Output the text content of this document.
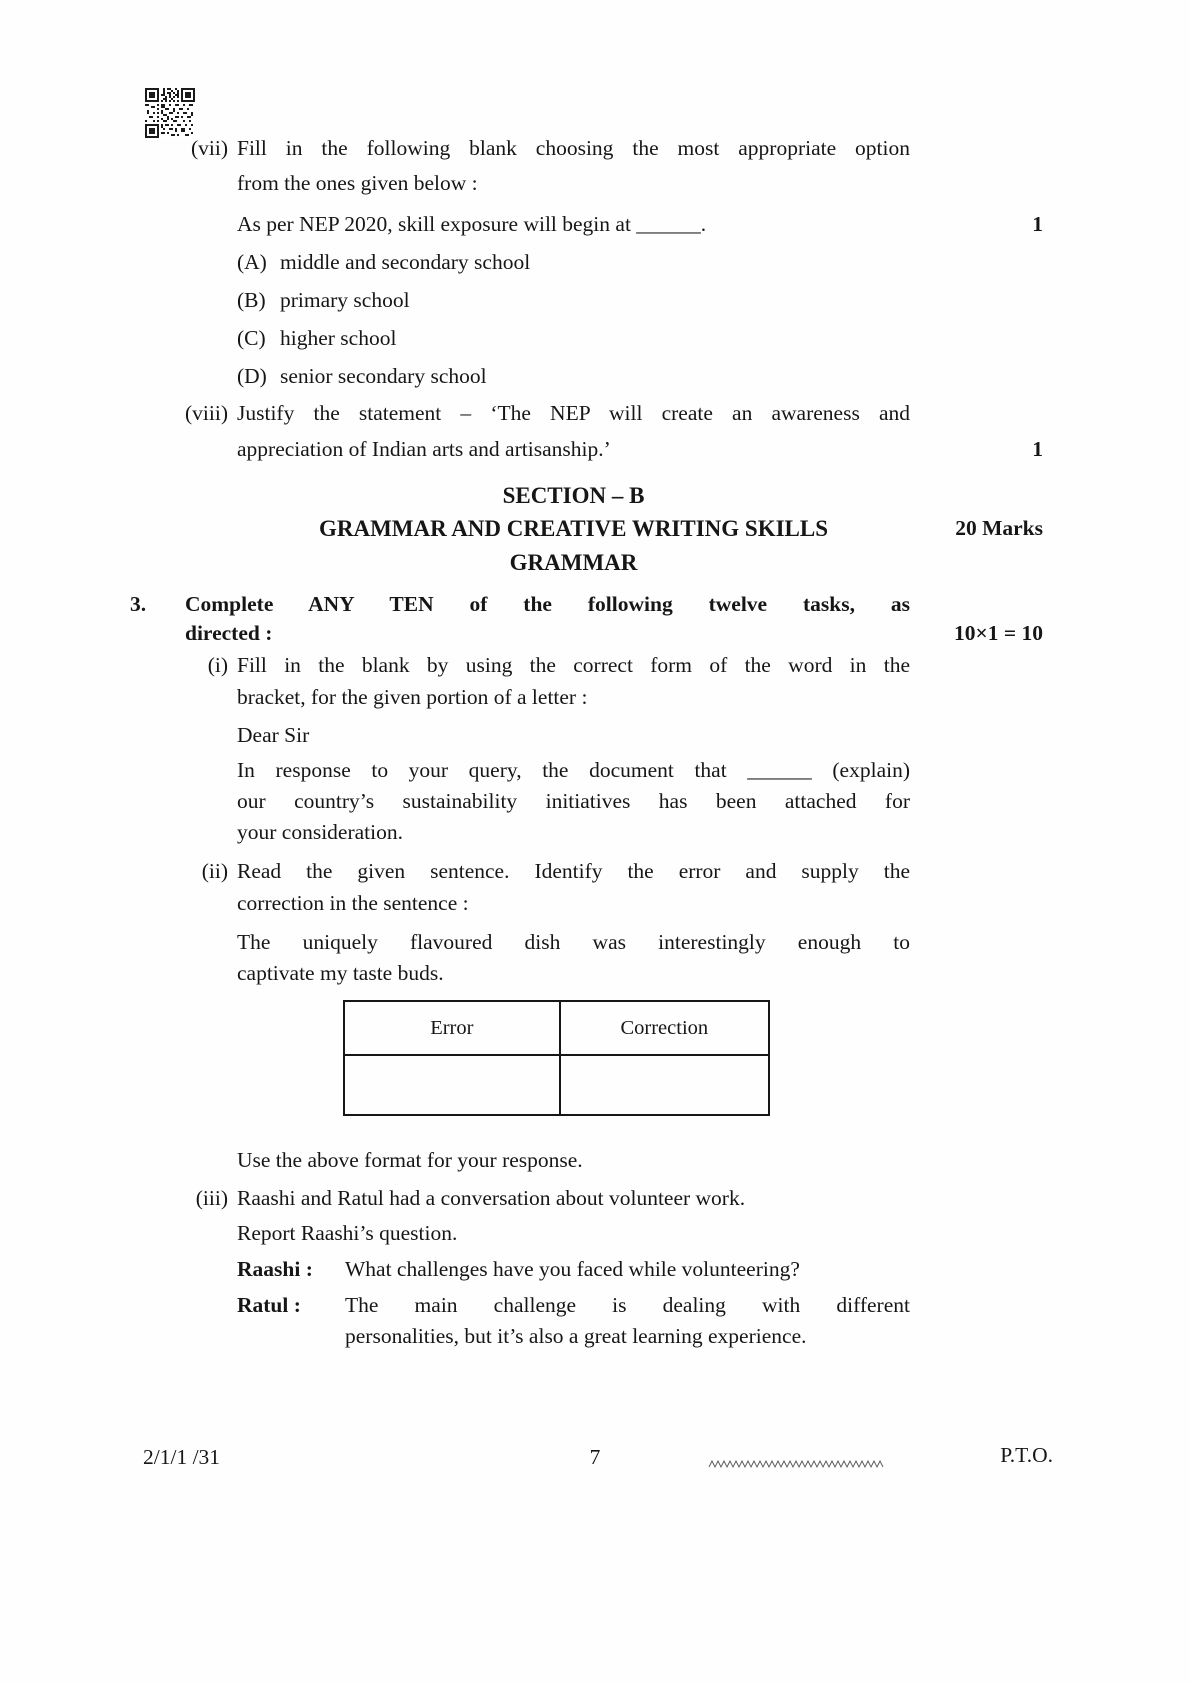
(vii) Fill in the following blank choosing the most appropriate option
from the ones given below :
As per NEP 2020, skill exposure will begin at ______.	1
(A) middle and secondary school
(B) primary school
(C) higher school
(D) senior secondary school
(viii) Justify the statement – ‘The NEP will create an awareness and
appreciation of Indian arts and artisanship.’	1
SECTION – B
GRAMMAR AND CREATIVE WRITING SKILLS	20 Marks
GRAMMAR
3.	Complete ANY TEN of the following twelve tasks, as
directed :	10×1 = 10
(i) Fill in the blank by using the correct form of the word in the
bracket, for the given portion of a letter :
Dear Sir
In response to your query, the document that ______ (explain)
our country’s sustainability initiatives has been attached for
your consideration.
(ii) Read the given sentence. Identify the error and supply the
correction in the sentence :
The uniquely flavoured dish was interestingly enough to
captivate my taste buds.
Error	Correction

Use the above format for your response.
(iii) Raashi and Ratul had a conversation about volunteer work.
Report Raashi’s question.
Raashi :	What challenges have you faced while volunteering?
Ratul :	The main challenge is dealing with different
personalities, but it’s also a great learning experience.
2/1/1 /31	7	P.T.O.
